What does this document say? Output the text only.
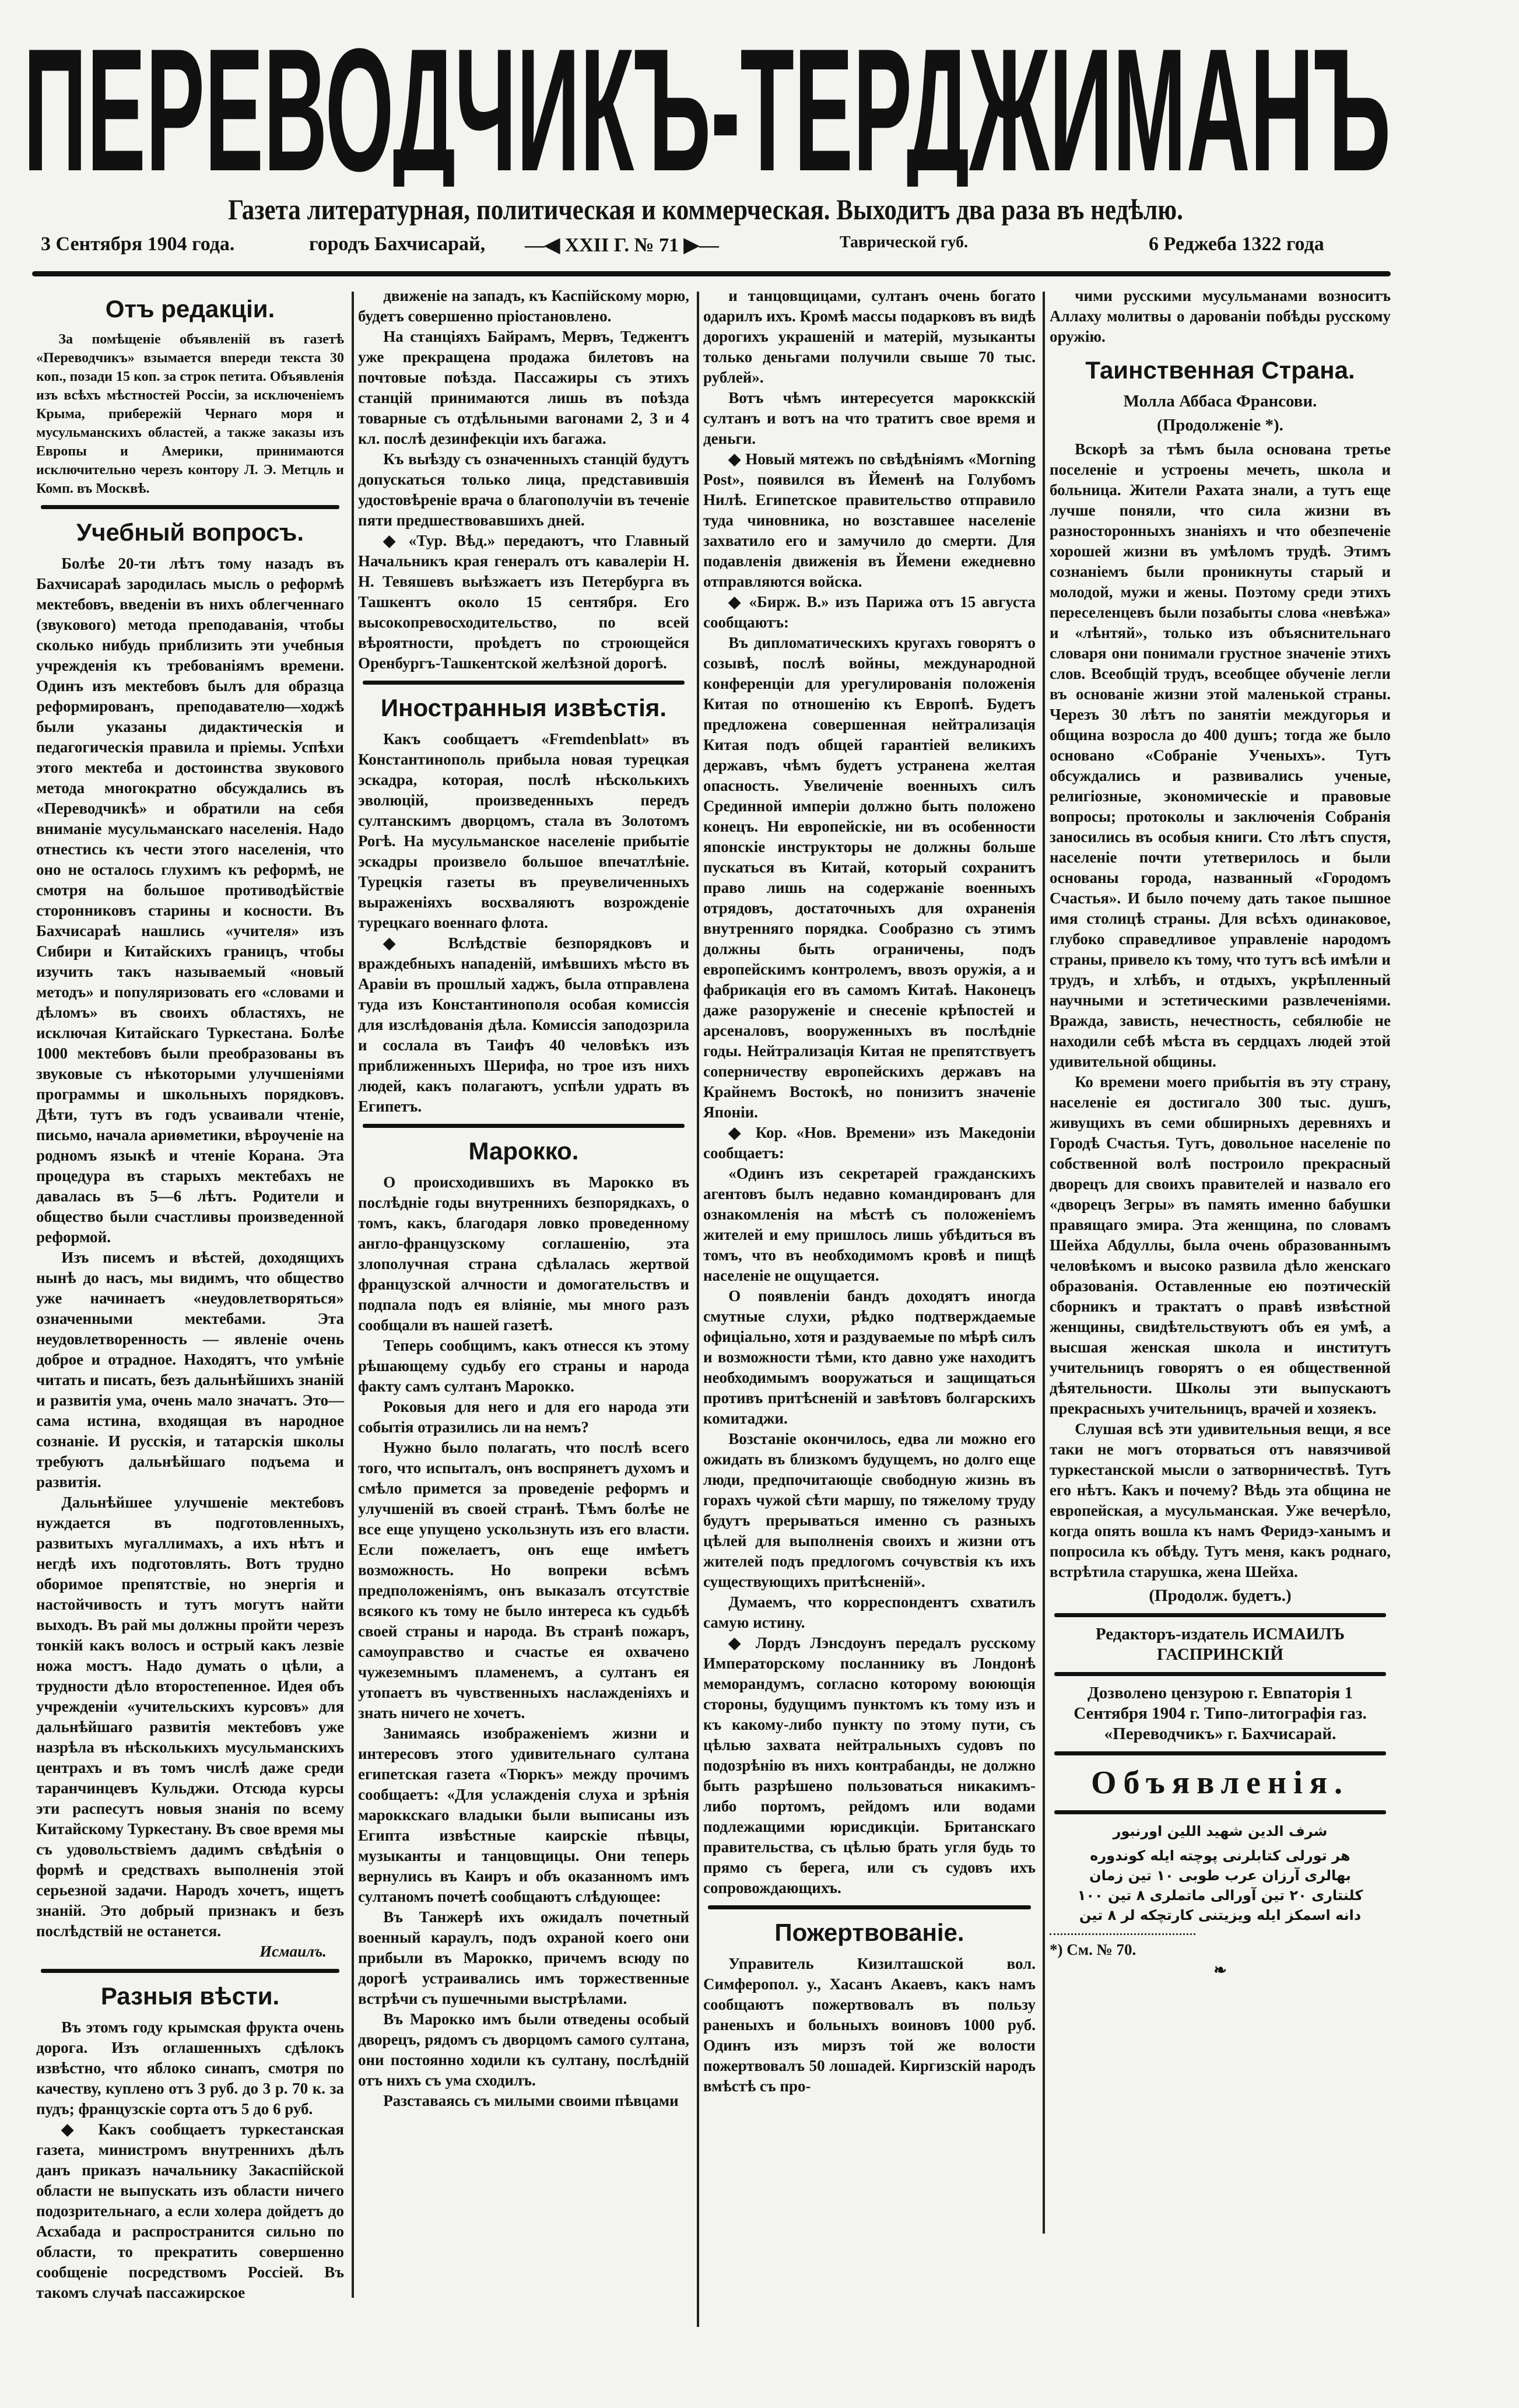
ПЕРЕВОДЧИКЪ-ТЕРДЖИМАНЪ
Газета литературная, политическая и коммерческая. Выходитъ два раза въ недѣлю.
3 Сентября 1904 года.	городъ Бахчисарай, —◀ XXII Г. № 71 ▶—	Таврической губ.	6 Реджеба 1322 года

Отъ редакціи.

За помѣщеніе объявленій въ газетѣ «Переводчикъ» взымается впереди текста 30 коп., позади 15 коп. за строк петита. Объявленія изъ всѣхъ мѣстностей Россіи, за исключеніемъ Крыма, прибережій Чернаго моря и мусульманскихъ областей, а также заказы изъ Европы и Америки, принимаются исключительно черезъ контору Л. Э. Метцль и Комп. въ Москвѣ.

Учебный вопросъ.

Болѣе 20-ти лѣтъ тому назадъ въ Бахчисараѣ зародилась мысль о реформѣ мектебовъ, введеніи въ нихъ облегченнаго (звукового) метода преподаванія, чтобы сколько нибудь приблизить эти учебныя учрежденія къ требованіямъ времени. Одинъ изъ мектебовъ былъ для образца реформированъ, преподавателю—ходжѣ были указаны дидактическія и педагогическія правила и пріемы. Успѣхи этого мектеба и достоинства звукового метода многократно обсуждались въ «Переводчикѣ» и обратили на себя вниманіе мусульманскаго населенія. Надо отнестись къ чести этого населенія, что оно не осталось глухимъ къ реформѣ, не смотря на большое противодѣйствіе сторонниковъ старины и косности. Въ Бахчисараѣ нашлись «учителя» изъ Сибири и Китайскихъ границъ, чтобы изучить такъ называемый «новый методъ» и популяризовать его «словами и дѣломъ» въ своихъ областяхъ, не исключая Китайскаго Туркестана. Болѣе 1000 мектебовъ были преобразованы въ звуковые съ нѣкоторыми улучшеніями программы и школьныхъ порядковъ. Дѣти, тутъ въ годъ усваивали чтеніе, письмо, начала ариѳметики, вѣроученіе на родномъ языкѣ и чтеніе Корана. Эта процедура въ старыхъ мектебахъ не давалась въ 5—6 лѣтъ. Родители и общество были счастливы произведенной реформой.

Изъ писемъ и вѣстей, доходящихъ нынѣ до насъ, мы видимъ, что общество уже начинаетъ «неудовлетворяться» означенными мектебами. Эта неудовлетворенность — явленіе очень доброе и отрадное. Находятъ, что умѣніе читать и писать, безъ дальнѣйшихъ знаній и развитія ума, очень мало значатъ. Это—сама истина, входящая въ народное сознаніе. И русскія, и татарскія школы требуютъ дальнѣйшаго подъема и развитія.

Дальнѣйшее улучшеніе мектебовъ нуждается въ подготовленныхъ, развитыхъ мугаллимахъ, а ихъ нѣтъ и негдѣ ихъ подготовлять. Вотъ трудно оборимое препятствіе, но энергія и настойчивость и тутъ могутъ найти выходъ. Въ рай мы должны пройти черезъ тонкій какъ волосъ и острый какъ лезвіе ножа мостъ. Надо думать о цѣли, а трудности дѣло второстепенное. Идея объ учрежденіи «учительскихъ курсовъ» для дальнѣйшаго развитія мектебовъ уже назрѣла въ нѣсколькихъ мусульманскихъ центрахъ и въ томъ числѣ даже среди таранчинцевъ Кульджи. Отсюда курсы эти распесутъ новыя знанія по всему Китайскому Туркестану. Въ свое время мы съ удовольствіемъ дадимъ свѣдѣнія о формѣ и средствахъ выполненія этой серьезной задачи. Народъ хочетъ, ищетъ знаній. Это добрый признакъ и безъ послѣдствій не останется.

Исмаилъ.

Разныя вѣсти.

Въ этомъ году крымская фрукта очень дорога. Изъ оглашенныхъ сдѣлокъ извѣстно, что яблоко синапъ, смотря по качеству, куплено отъ 3 руб. до 3 р. 70 к. за пудъ; французскіе сорта отъ 5 до 6 руб.

◆ Какъ сообщаетъ туркестанская газета, министромъ внутреннихъ дѣлъ данъ приказъ начальнику Закаспійской области не выпускать изъ области ничего подозрительнаго, а если холера дойдетъ до Асхабада и распространится сильно по области, то прекратить совершенно сообщеніе посредствомъ Россіей. Въ такомъ случаѣ пассажирское

движеніе на западъ, къ Каспійскому морю, будетъ совершенно пріостановлено.

На станціяхъ Байрамъ, Мервъ, Теджентъ уже прекращена продажа билетовъ на почтовые поѣзда. Пассажиры съ этихъ станцій принимаются лишь въ поѣзда товарные съ отдѣльными вагонами 2, 3 и 4 кл. послѣ дезинфекціи ихъ багажа.

Къ выѣзду съ означенныхъ станцій будутъ допускаться только лица, представившія удостовѣреніе врача о благополучіи въ теченіе пяти предшествовавшихъ дней.

◆ «Тур. Вѣд.» передаютъ, что Главный Начальникъ края генералъ отъ кавалеріи Н. Н. Тевяшевъ выѣзжаетъ изъ Петербурга въ Ташкентъ около 15 сентября. Его высокопревосходительство, по всей вѣроятности, проѣдетъ по строющейся Оренбургъ-Ташкентской желѣзной дорогѣ.

Иностранныя извѣстія.

Какъ сообщаетъ «Fremdenblatt» въ Константинополь прибыла новая турецкая эскадра, которая, послѣ нѣсколькихъ эволюцій, произведенныхъ передъ султанскимъ дворцомъ, стала въ Золотомъ Рогѣ. На мусульманское населеніе прибытіе эскадры произвело большое впечатлѣніе. Турецкія газеты въ преувеличенныхъ выраженіяхъ восхваляютъ возрожденіе турецкаго военнаго флота.

◆ Вслѣдствіе безпорядковъ и враждебныхъ нападеній, имѣвшихъ мѣсто въ Аравіи въ прошлый хаджъ, была отправлена туда изъ Константинополя особая комиссія для изслѣдованія дѣла. Комиссія заподозрила и сослала въ Таифъ 40 человѣкъ изъ приближенныхъ Шерифа, но трое изъ нихъ людей, какъ полагаютъ, успѣли удрать въ Египетъ.

Марокко.

О происходившихъ въ Марокко въ послѣдніе годы внутреннихъ безпорядкахъ, о томъ, какъ, благодаря ловко проведенному англо-французскому соглашенію, эта злополучная страна сдѣлалась жертвой французской алчности и домогательствъ и подпала подъ ея вліяніе, мы много разъ сообщали въ нашей газетѣ.

Теперь сообщимъ, какъ отнесся къ этому рѣшающему судьбу его страны и народа факту самъ султанъ Марокко.

Роковыя для него и для его народа эти событія отразились ли на немъ?

Нужно было полагать, что послѣ всего того, что испыталъ, онъ воспрянетъ духомъ и смѣло примется за проведеніе реформъ и улучшеній въ своей странѣ. Тѣмъ болѣе не все еще упущено ускользнуть изъ его власти. Если пожелаетъ, онъ еще имѣетъ возможность. Но вопреки всѣмъ предположеніямъ, онъ выказалъ отсутствіе всякого къ тому не было интереса къ судьбѣ своей страны и народа. Въ странѣ пожаръ, самоуправство и счастье ея охвачено чужеземнымъ пламенемъ, а султанъ ея утопаетъ въ чувственныхъ наслажденіяхъ и знать ничего не хочетъ.

Занимаясь изображеніемъ жизни и интересовъ этого удивительнаго султана египетская газета «Тюркъ» между прочимъ сообщаетъ: «Для услажденія слуха и зрѣнія мароккскаго владыки были выписаны изъ Египта извѣстные каирскіе пѣвцы, музыканты и танцовщицы. Они теперь вернулись въ Каиръ и объ оказанномъ имъ султаномъ почетѣ сообщаютъ слѣдующее:

Въ Танжерѣ ихъ ожидалъ почетный военный караулъ, подъ охраной коего они прибыли въ Марокко, причемъ всюду по дорогѣ устраивались имъ торжественные встрѣчи съ пушечными выстрѣлами.

Въ Марокко имъ были отведены особый дворецъ, рядомъ съ дворцомъ самого султана, они постоянно ходили къ султану, послѣдній отъ нихъ съ ума сходилъ.

Разставаясь съ милыми своими пѣвцами

и танцовщицами, султанъ очень богато одарилъ ихъ. Кромѣ массы подарковъ въ видѣ дорогихъ украшеній и матерій, музыканты только деньгами получили свыше 70 тыс. рублей».

Вотъ чѣмъ интересуется мароккскій султанъ и вотъ на что тратитъ свое время и деньги.

◆ Новый мятежъ по свѣдѣніямъ «Morning Post», появился въ Йеменѣ на Голубомъ Нилѣ. Египетское правительство отправило туда чиновника, но возставшее населеніе захватило его и замучило до смерти. Для подавленія движенія въ Йемени ежедневно отправляются войска.

◆ «Бирж. В.» изъ Парижа отъ 15 августа сообщаютъ:

Въ дипломатическихъ кругахъ говорятъ о созывѣ, послѣ войны, международной конференціи для урегулированія положенія Китая по отношенію къ Европѣ. Будетъ предложена совершенная нейтрализація Китая подъ общей гарантіей великихъ державъ, чѣмъ будетъ устранена желтая опасность. Увеличеніе военныхъ силъ Срединной имперіи должно быть положено конецъ. Ни европейскіе, ни въ особенности японскіе инструкторы не должны больше пускаться въ Китай, который сохранитъ право лишь на содержаніе военныхъ отрядовъ, достаточныхъ для охраненія внутренняго порядка. Сообразно съ этимъ должны быть ограничены, подъ европейскимъ контролемъ, ввозъ оружія, а и фабрикація его въ самомъ Китаѣ. Наконецъ даже разоруженіе и снесеніе крѣпостей и арсеналовъ, вооруженныхъ въ послѣдніе годы. Нейтрализація Китая не препятствуетъ соперничеству европейскихъ державъ на Крайнемъ Востокѣ, но понизитъ значеніе Японіи.

◆ Кор. «Нов. Времени» изъ Македоніи сообщаетъ:

«Одинъ изъ секретарей гражданскихъ агентовъ былъ недавно командированъ для ознакомленія на мѣстѣ съ положеніемъ жителей и ему пришлось лишь убѣдиться въ томъ, что въ необходимомъ кровѣ и пищѣ населеніе не ощущается.

О появленіи бандъ доходятъ иногда смутные слухи, рѣдко подтверждаемые офиціально, хотя и раздуваемые по мѣрѣ силъ и возможности тѣми, кто давно уже находитъ необходимымъ вооружаться и защищаться противъ притѣсненій и зaвѣтовъ болгарскихъ комитаджи.

Возстаніе окончилось, едва ли можно его ожидать въ близкомъ будущемъ, но долго еще люди, предпочитающіе свободную жизнь въ горахъ чужой сѣти маршу, по тяжелому труду будутъ прерываться именно съ разныхъ цѣлей для выполненія своихъ и жизни отъ жителей подъ предлогомъ сочувствія къ ихъ существующихъ притѣсненій».

Думаемъ, что корреспондентъ схватилъ самую истину.

◆ Лордъ Лэнсдоунъ передалъ русскому Императорскому посланнику въ Лондонѣ меморандумъ, согласно которому воюющія стороны, будущимъ пунктомъ къ тому изъ и къ какому-либо пункту по этому пути, съ цѣлью захвата нейтральныхъ судовъ по подозрѣнію въ нихъ контрабанды, не должно быть разрѣшено пользоваться никакимъ-либо портомъ, рейдомъ или водами подлежащими юрисдикціи. Британскаго правительства, съ цѣлью брать угля будь то прямо съ берега, или съ судовъ ихъ сопровождающихъ.

Пожертвованіе.

Управитель Кизилташской вол. Симферопол. у., Хасанъ Акаевъ, какъ намъ сообщаютъ пожертвовалъ въ пользу раненыхъ и больныхъ воиновъ 1000 руб. Одинъ изъ мирзъ той же волости пожертвовалъ 50 лошадей. Киргизскій народъ вмѣстѣ съ про-

чими русскими мусульманами возноситъ Аллаху молитвы о дарованіи побѣды русскому оружію.

Таинственная Страна.

Молла Аббаса Франсови.

(Продолженіе *).

Вскорѣ за тѣмъ была основана третье поселеніе и устроены мечеть, школа и больница. Жители Рахата знали, а тутъ еще лучше поняли, что сила жизни въ разносторонныхъ знаніяхъ и что обезпеченіе хорошей жизни въ умѣломъ трудѣ. Этимъ сознаніемъ были проникнуты старый и молодой, мужи и жены. Поэтому среди этихъ переселенцевъ были позабыты слова «невѣжа» и «лѣнтяй», только изъ объяснительнаго словаря они понимали грустное значеніе этихъ слов. Всеобщій трудъ, всеобщее обученіе легли въ основаніе жизни этой маленькой страны. Черезъ 30 лѣтъ по занятіи междугорья и община возросла до 400 душъ; тогда же было основано «Собраніе Ученыхъ». Тутъ обсуждались и развивались ученые, религіозные, экономическіе и правовые вопросы; протоколы и заключенія Собранія заносились въ особыя книги. Сто лѣтъ спустя, населеніе почти утетверилось и были основаны города, названный «Городомъ Счастья». И было почему дать такое пышное имя столицѣ страны. Для всѣхъ одинаковое, глубоко справедливое управленіе народомъ страны, привело къ тому, что тутъ всѣ имѣли и трудъ, и хлѣбъ, и отдыхъ, укрѣпленный научными и эстетическими развлеченіями. Вражда, зависть, нечестность, себялюбіе не находили себѣ мѣста въ сердцахъ людей этой удивительной общины.

Ко времени моего прибытія въ эту страну, населеніе ея достигало 300 тыс. душъ, живущихъ въ семи обширныхъ деревняхъ и Городѣ Счастья. Тутъ, довольное населеніе по собственной волѣ построило прекрасный дворецъ для своихъ правителей и назвало его «дворецъ Зегры» въ память именно бабушки правящаго эмира. Эта женщина, по словамъ Шейха Абдуллы, была очень образованнымъ человѣкомъ и высоко развила дѣло женскаго образованія. Оставленные ею поэтическій сборникъ и трактатъ о правѣ извѣстной женщины, свидѣтельствуютъ объ ея умѣ, а высшая женская школа и институтъ учительницъ говорятъ о ея общественной дѣятельности. Школы эти выпускаютъ прекрасныхъ учительницъ, врачей и хозяекъ.

Слушая всѣ эти удивительныя вещи, я все таки не могъ оторваться отъ навязчивой туркестанской мысли о затворничествѣ. Тутъ его нѣтъ. Какъ и почему? Вѣдь эта община не европейская, а мусульманская. Уже вечерѣло, когда опять вошла къ намъ Феридэ-ханымъ и попросила къ обѣду. Тутъ меня, какъ роднаго, встрѣтила старушка, жена Шейха.

(Продолж. будетъ.)

Редакторъ-издатель ИСМАИЛЪ ГАСПРИНСКІЙ

Дозволено цензурою г. Евпаторія 1 Сентября 1904 г. Типо-литографія газ. «Переводчикъ» г. Бахчисарай.

Объявленія.

شرف الدين شهيد اللين اورنبور

هر تورلى كتابلرنى پوچته ايله كوندوره بهالرى آرزان عرب طوبى ١٠ تين زمان كلنتارى ٢٠ تين آورالى ماتملرى ٨ تين ١٠٠ دانه اسمكز ايله ويزيتنى كارتچكه لر ٨ تين

*) См. № 70.

❧
